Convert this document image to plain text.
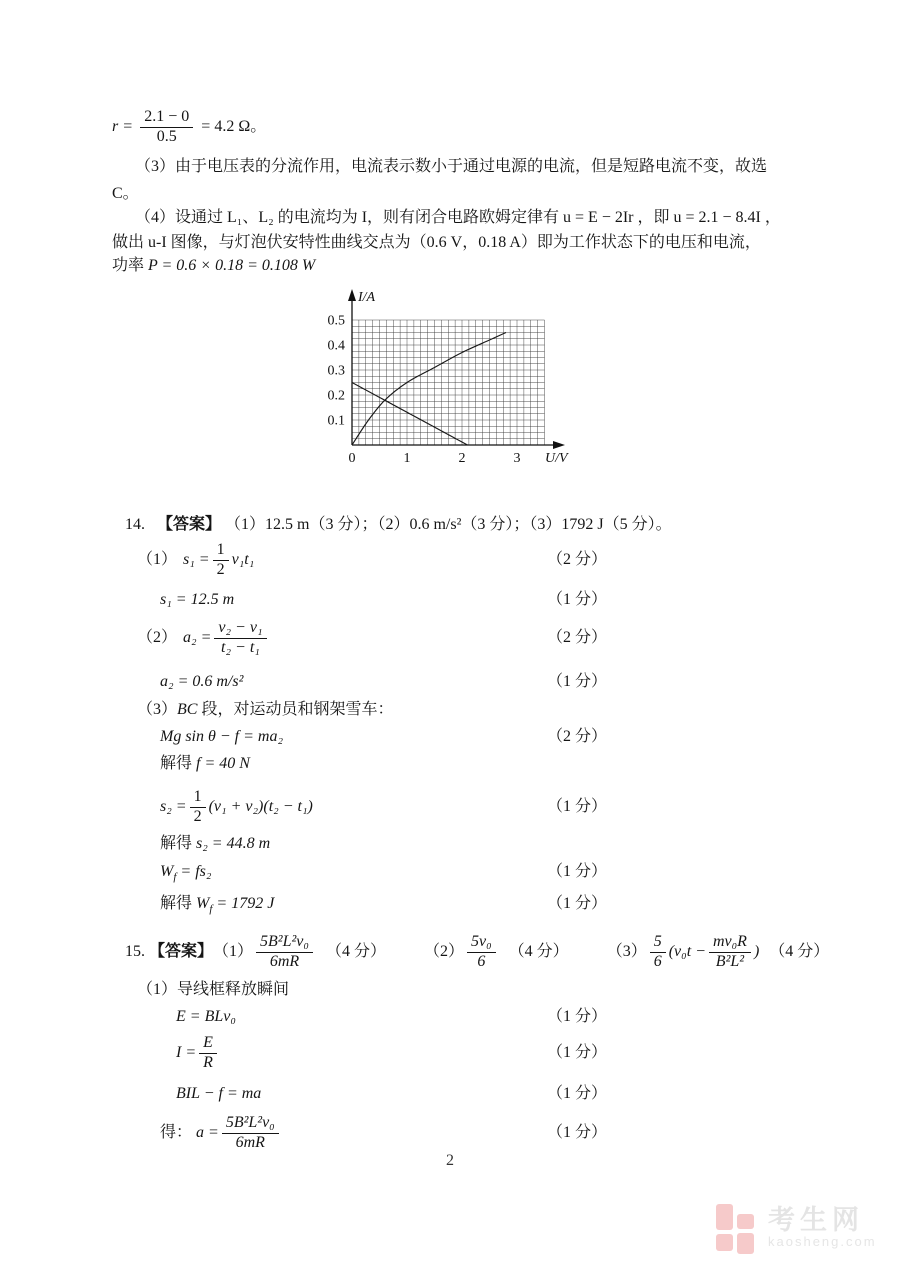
$r = \frac{2.1 - 0}{0.5} = 4.2$ Ω。
（3）由于电压表的分流作用，电流表示数小于通过电源的电流，但是短路电流不变，故选
C。
（4）设通过 L₁、L₂ 的电流均为 I，则有闭合电路欧姆定律有 u = E − 2Ir ，即 u = 2.1 − 8.4I ，
做出 u-I 图像，与灯泡伏安特性曲线交点为（0.6 V，0.18 A）即为工作状态下的电压和电流，
功率 P = 0.6 × 0.18 = 0.108 W
0.1
0.2
0.3
0.4
0.5
0	1	2	3
I/A
U/V
14. 【答案】 （1）12.5 m（3 分）；（2）0.6 m/s²（3 分）；（3）1792 J（5 分）。
（1） $s_1 = \frac{1}{2} v_1t_1$	（2 分）
s₁ = 12.5 m	（1 分）
（2） $a_2 = \frac{\text{v₂ − v₁}}{\text{t₂ − t₁}}$	（2 分）
a₂ = 0.6 m/s²	（1 分）
（3）BC 段，对运动员和钢架雪车：
Mg sin θ − f = ma₂	（2 分）
解得 f = 40 N
$s_2 = \frac{1}{2} (v_1 + v_2)(t_2 - t_1)$	（1 分）
解得 s₂ = 44.8 m
$W_f = fs_2$	（1 分）
解得 $W_f = 1792$ J	（1 分）
15. 【答案】 $(1) \frac{\text{5B²L²v₀}}{6mR} (4$ 分） $(2) \frac{\text{5v₀}}{6} (4$ 分） $(3) \frac{5}{6} (v_0t - \frac{\text{mv₀R}}{\text{B²L²}}$ ) （4 分）
（1）导线框释放瞬间
E = BLv₀	（1 分）
$I = \frac{E}{R}$	（1 分）
BIL − f = ma	（1 分）
得： $a = \frac{\text{5B²L²v₀}}{6mR}$	（1 分）
2
考生网
kaosheng.com
